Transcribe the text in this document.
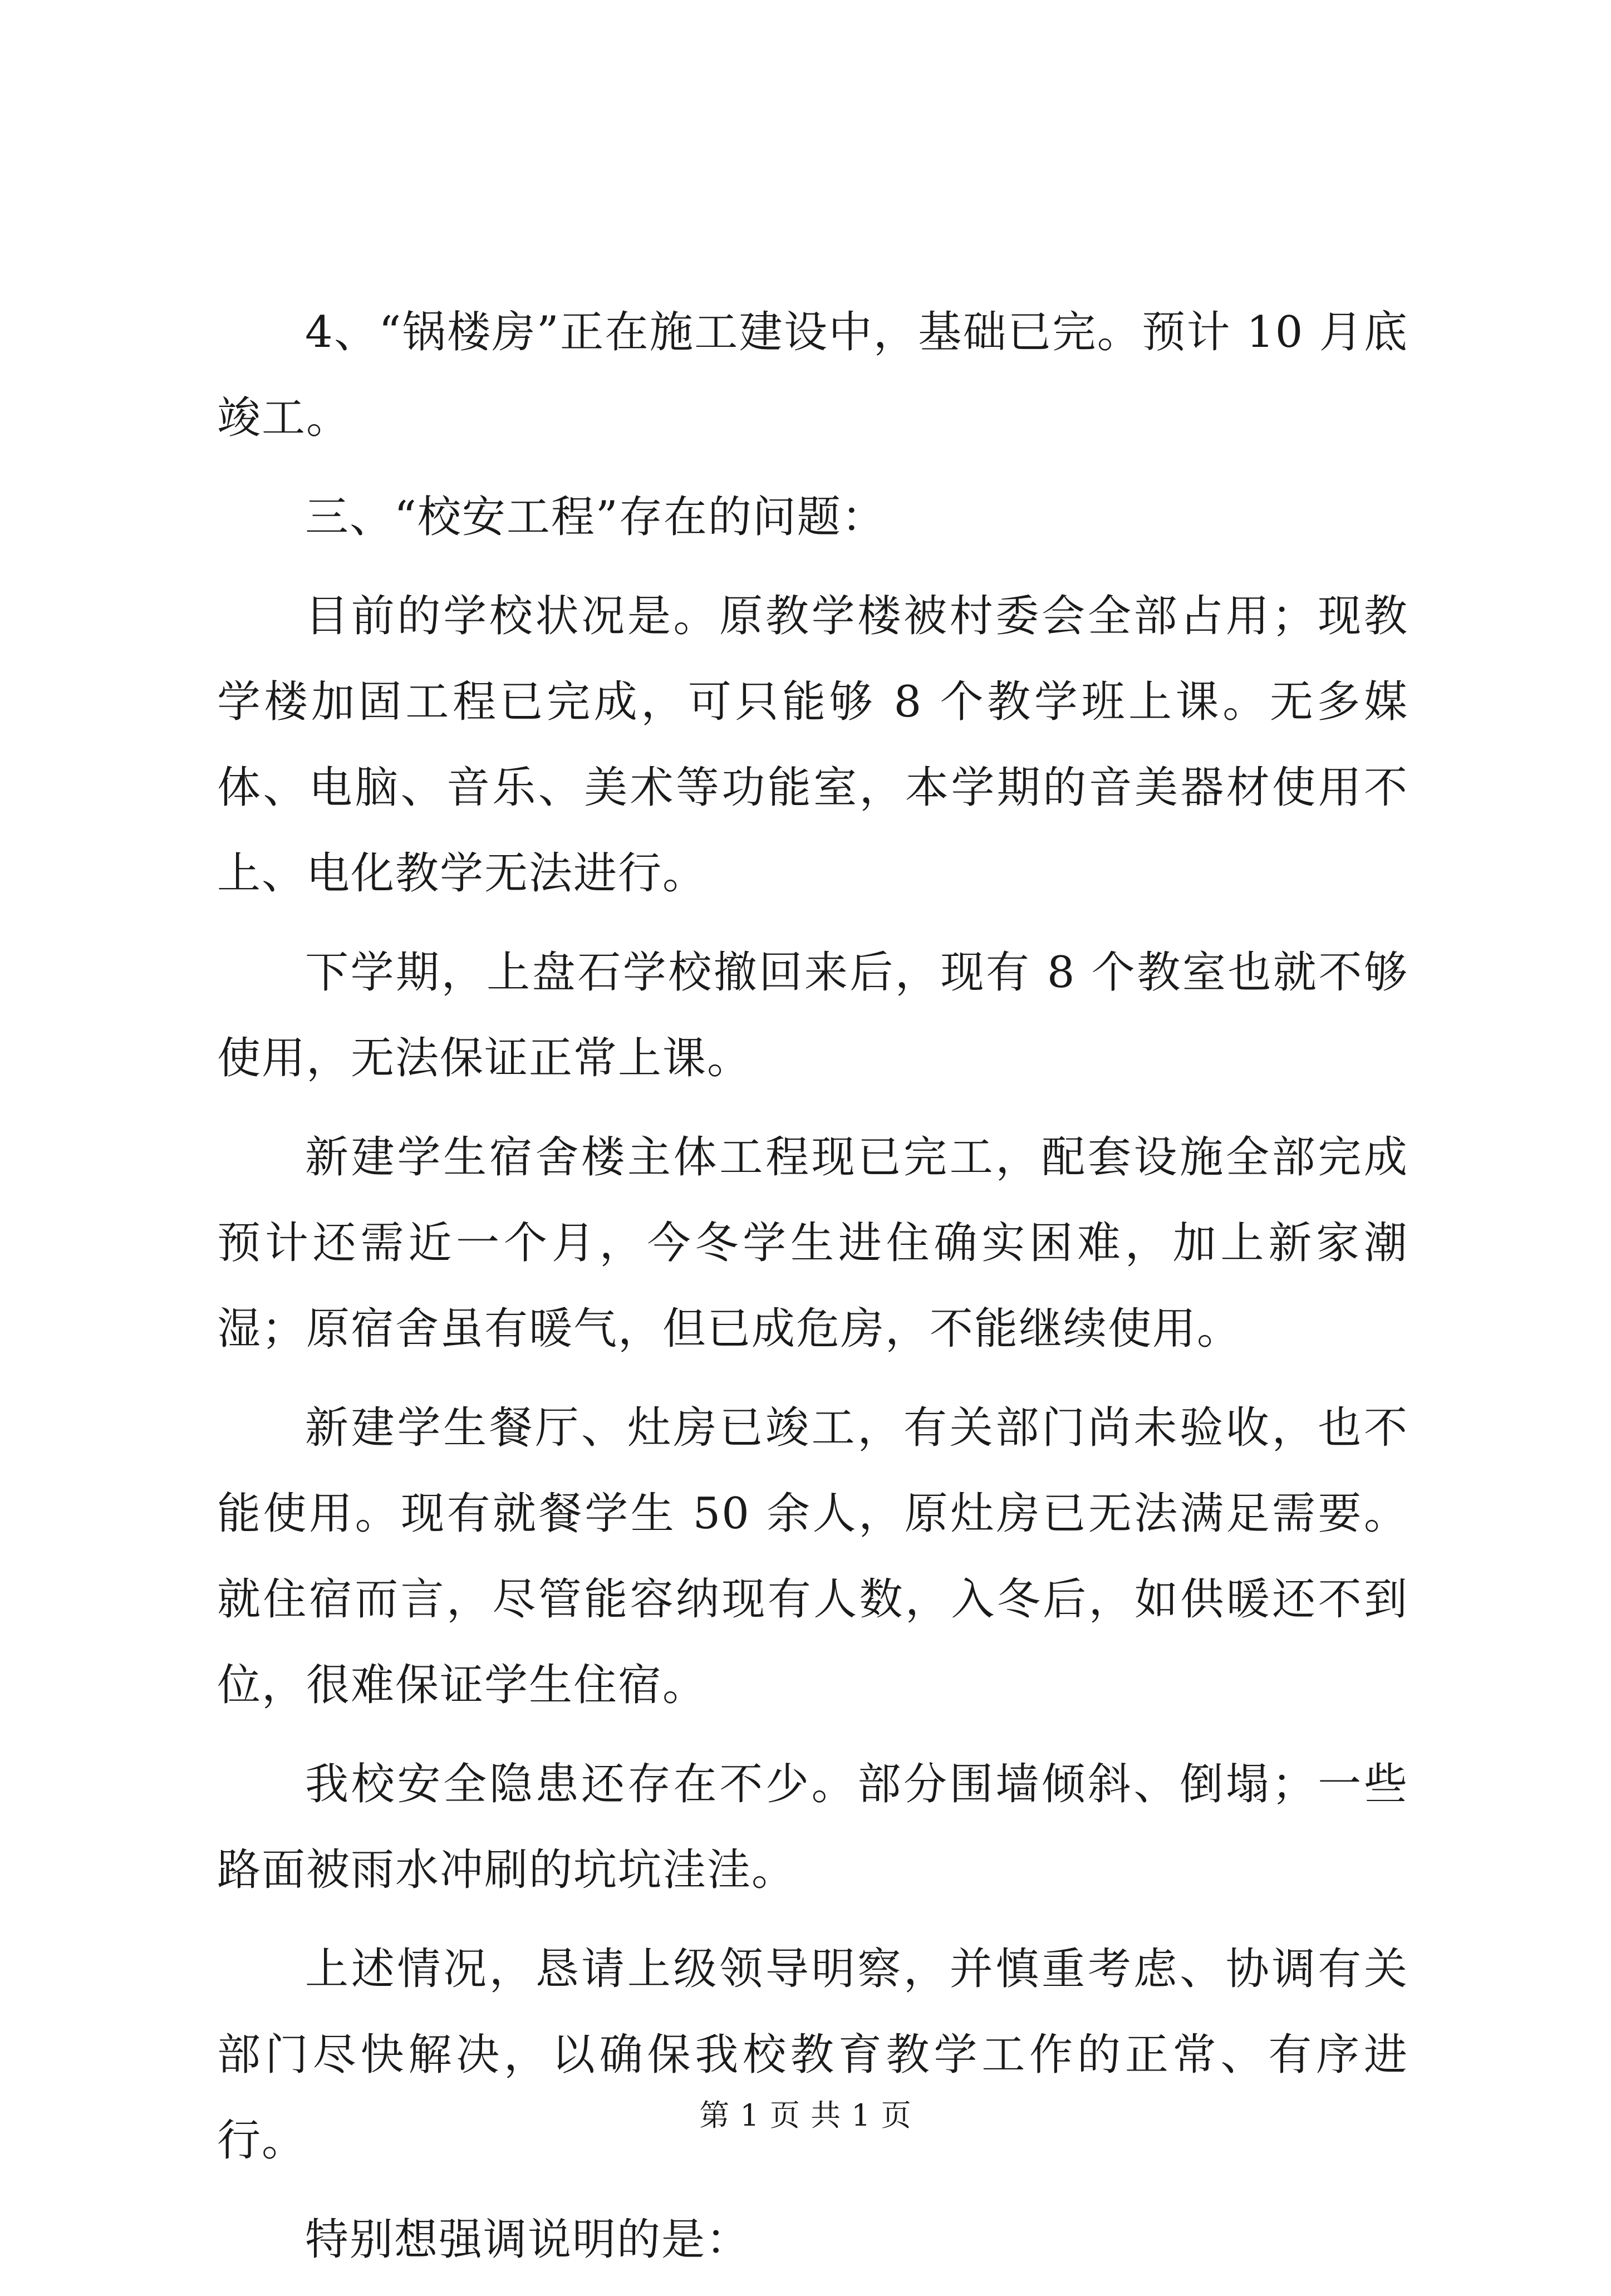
4、“锅楼房”正在施工建设中，基础已完。预计 10 月底竣工。

三、“校安工程”存在的问题：

目前的学校状况是。原教学楼被村委会全部占用；现教学楼加固工程已完成，可只能够 8 个教学班上课。无多媒体、电脑、音乐、美术等功能室，本学期的音美器材使用不上、电化教学无法进行。

下学期，上盘石学校撤回来后，现有 8 个教室也就不够使用，无法保证正常上课。

新建学生宿舍楼主体工程现已完工，配套设施全部完成预计还需近一个月，今冬学生进住确实困难，加上新家潮湿；原宿舍虽有暖气，但已成危房，不能继续使用。

新建学生餐厅、灶房已竣工，有关部门尚未验收，也不能使用。现有就餐学生 50 余人，原灶房已无法满足需要。就住宿而言，尽管能容纳现有人数，入冬后，如供暖还不到位，很难保证学生住宿。

我校安全隐患还存在不少。部分围墙倾斜、倒塌；一些路面被雨水冲刷的坑坑洼洼。

上述情况，恳请上级领导明察，并慎重考虑、协调有关部门尽快解决，以确保我校教育教学工作的正常、有序进行。

特别想强调说明的是：

第 1 页 共 1 页
